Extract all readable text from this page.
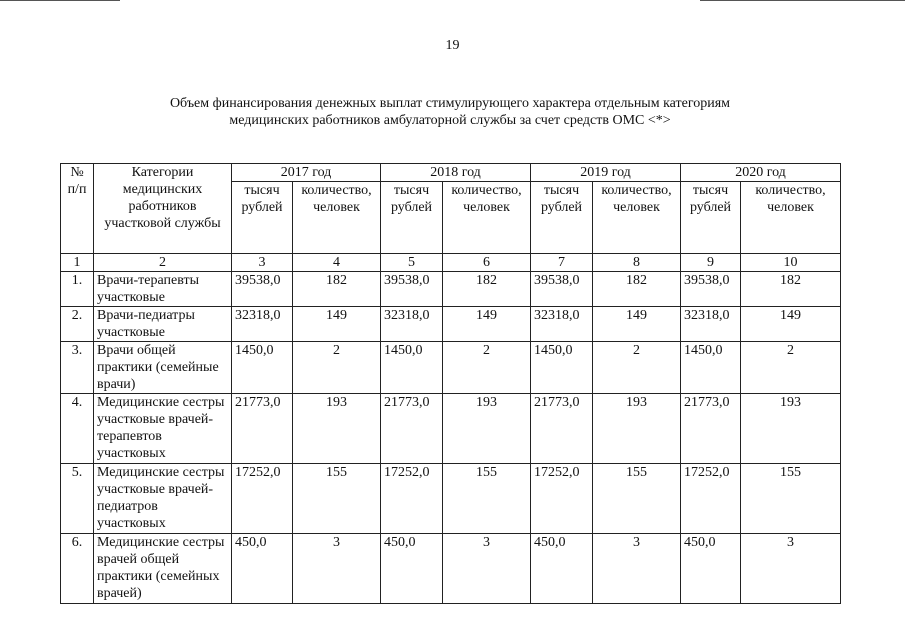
19
Объем финансирования денежных выплат стимулирующего характера отдельным категориям
медицинских работников амбулаторной службы за счет средств ОМС <*>
№ п/п	Категории медицинских работников участковой службы	2017 год		2018 год		2019 год		2020 год	
		тысяч рублей	количество, человек	тысяч рублей	количество, человек	тысяч рублей	количество, человек	тысяч рублей	количество, человек
1	2	3	4	5	6	7	8	9	10
1.	Врачи-терапевты участковые	39538,0	182	39538,0	182	39538,0	182	39538,0	182
2.	Врачи-педиатры участковые	32318,0	149	32318,0	149	32318,0	149	32318,0	149
3.	Врачи общей практики (семейные врачи)	1450,0	2	1450,0	2	1450,0	2	1450,0	2
4.	Медицинские сестры участковые врачей-терапевтов участковых	21773,0	193	21773,0	193	21773,0	193	21773,0	193
5.	Медицинские сестры участковые врачей-педиатров участковых	17252,0	155	17252,0	155	17252,0	155	17252,0	155
6.	Медицинские сестры врачей общей практики (семейных врачей)	450,0	3	450,0	3	450,0	3	450,0	3
